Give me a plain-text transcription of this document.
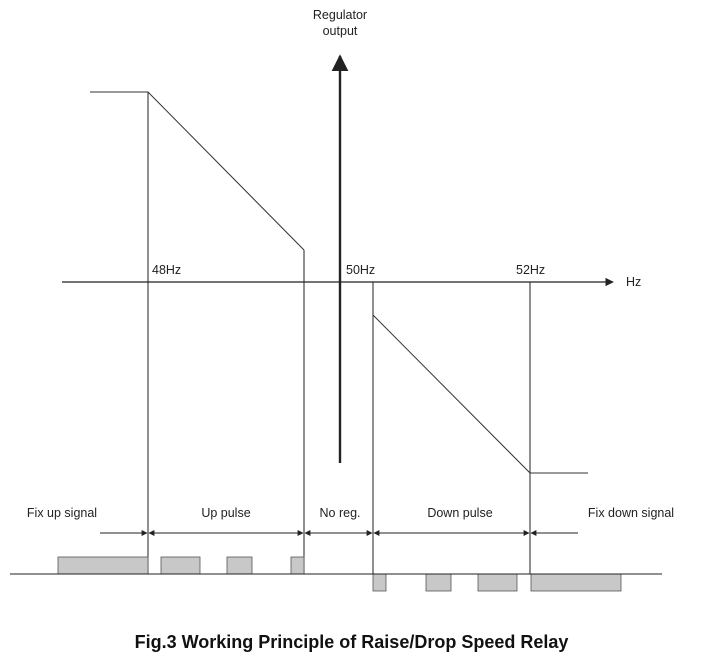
Regulator
output
Hz
48Hz	50Hz	52Hz
Fix up signal	Up pulse	No reg.	Down pulse	Fix down signal

Fig.3 Working Principle of Raise/Drop Speed Relay
